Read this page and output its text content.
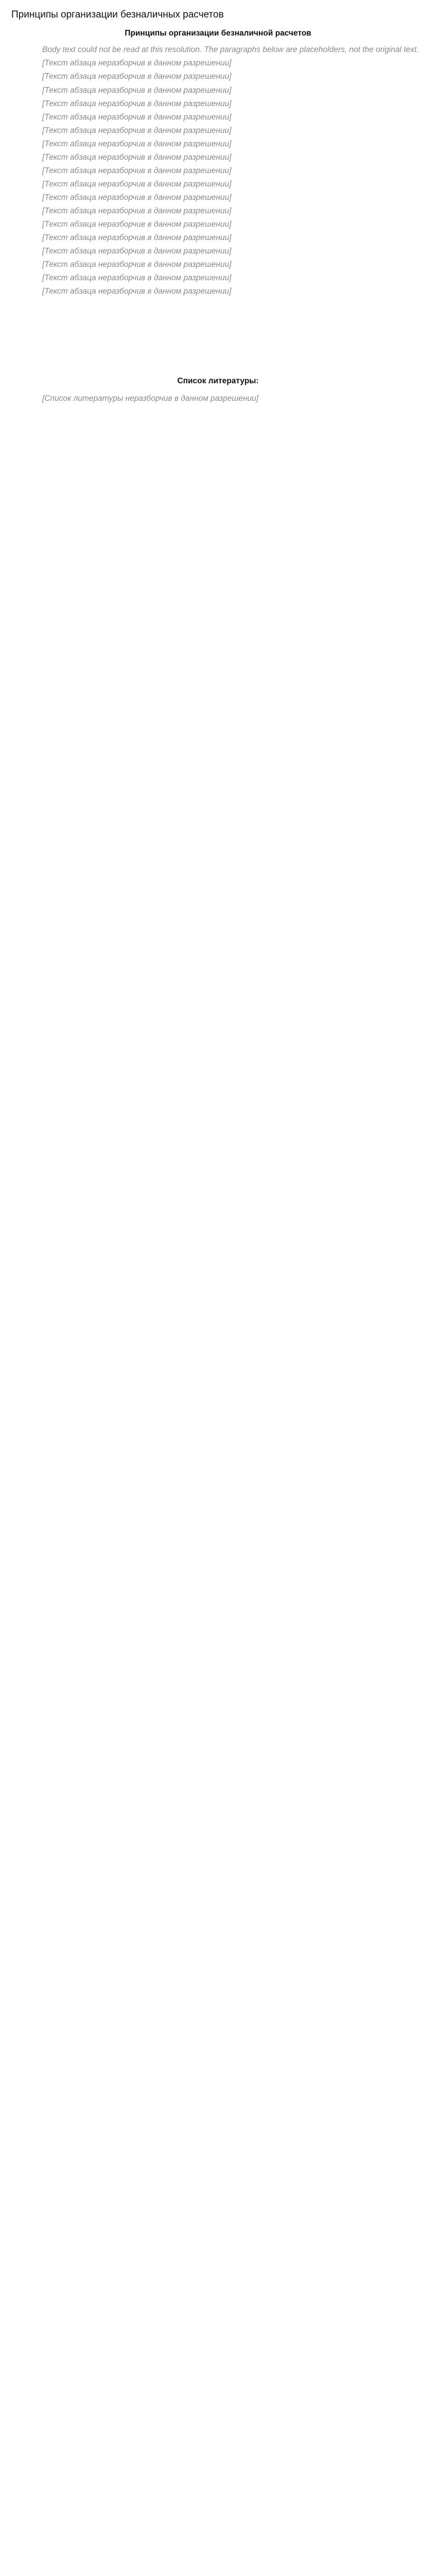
Принципы организации безналичных расчетов
Принципы организации безналичной расчетов

Body text could not be read at this resolution. The paragraphs below are placeholders, not the original text.

[Текст абзаца неразборчив в данном разрешении]

[Текст абзаца неразборчив в данном разрешении]

[Текст абзаца неразборчив в данном разрешении]

[Текст абзаца неразборчив в данном разрешении]

[Текст абзаца неразборчив в данном разрешении]

[Текст абзаца неразборчив в данном разрешении]

[Текст абзаца неразборчив в данном разрешении]

[Текст абзаца неразборчив в данном разрешении]

[Текст абзаца неразборчив в данном разрешении]

[Текст абзаца неразборчив в данном разрешении]

[Текст абзаца неразборчив в данном разрешении]

[Текст абзаца неразборчив в данном разрешении]

[Текст абзаца неразборчив в данном разрешении]

[Текст абзаца неразборчив в данном разрешении]

[Текст абзаца неразборчив в данном разрешении]

[Текст абзаца неразборчив в данном разрешении]

[Текст абзаца неразборчив в данном разрешении]

[Текст абзаца неразборчив в данном разрешении]

Список литературы:

[Список литературы неразборчив в данном разрешении]
